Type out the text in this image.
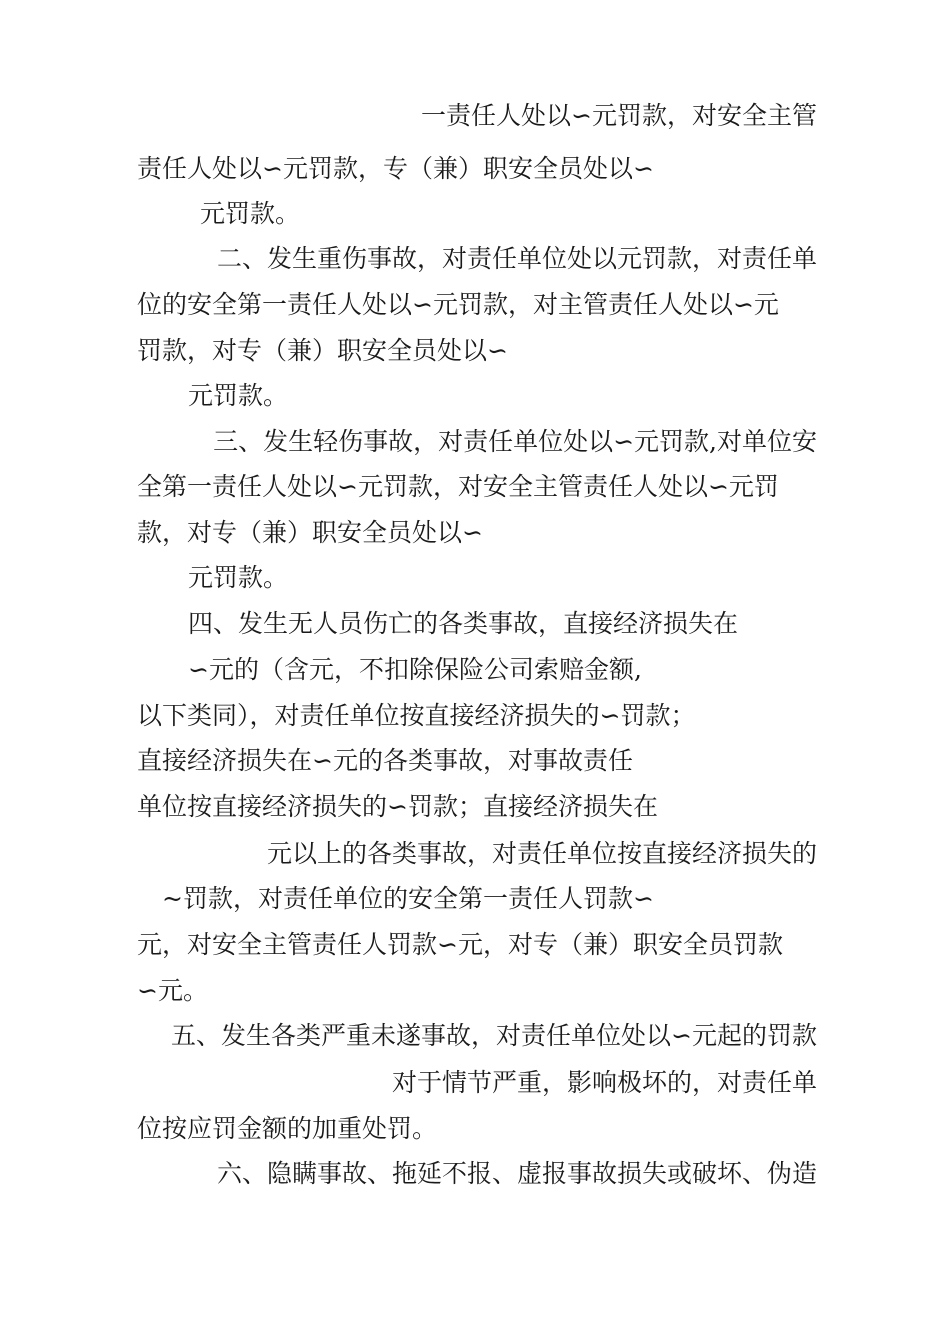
一责任人处以∽元罚款，对安全主管
责任人处以∽元罚款，专（兼）职安全员处以∽
元罚款。
二、发生重伤事故，对责任单位处以元罚款，对责任单
位的安全第一责任人处以∽元罚款，对主管责任人处以∽元
罚款，对专（兼）职安全员处以∽
元罚款。
三、发生轻伤事故，对责任单位处以∽元罚款,对单位安
全第一责任人处以∽元罚款，对安全主管责任人处以∽元罚
款，对专（兼）职安全员处以∽
元罚款。
四、发生无人员伤亡的各类事故，直接经济损失在
∽元的（含元，不扣除保险公司索赔金额,
以下类同），对责任单位按直接经济损失的∽罚款；
直接经济损失在∽元的各类事故，对事故责任
单位按直接经济损失的∽罚款；直接经济损失在
元以上的各类事故，对责任单位按直接经济损失的
~罚款，对责任单位的安全第一责任人罚款∽
元，对安全主管责任人罚款∽元，对专（兼）职安全员罚款
∽元。
五、发生各类严重未遂事故，对责任单位处以∽元起的罚款
对于情节严重，影响极坏的，对责任单
位按应罚金额的加重处罚。
六、隐瞒事故、拖延不报、虚报事故损失或破坏、伪造
